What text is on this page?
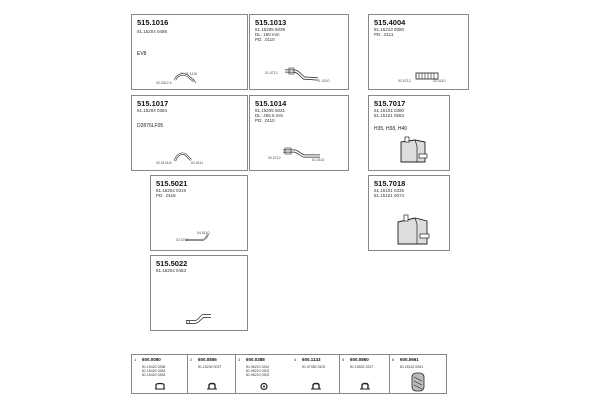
515.1016
81.15204 0488
EV8
01.01 1110
02.0312 4
515.1017
81.15204 0384
D2876LF05
02.0121/4	01.0111
515.5021
81.15204 0319
PD: .0118
02.0712
04.0110
515.5022
81.15204 0483
515.1013
81.15205 5039
DL: 160 mm
PD: .0110
01.0712
0 .0110
515.1014
81.15205 5021
DL: 406.5 mm
PD: .0110
00.0712	01.0110
515.4004
81.15213 0080
PD: .0111
02.0712	02.0110
515.7017
81.15101 0380
81.15101 0553
H35, H38, H40
515.7018
81.15101 0335
81.15101 0074
1 600.0080
81.15420 0268
81.15420 0283
81.15420 0284
2 600.0856
81.15240 0037
3 600.0388
81.96210 0310
81.96210 0302
81.96210 0302
4 600.1143
51.97450 0402
5 600.0860
81.15502 0327
6 600.0661
81.15110 0061
